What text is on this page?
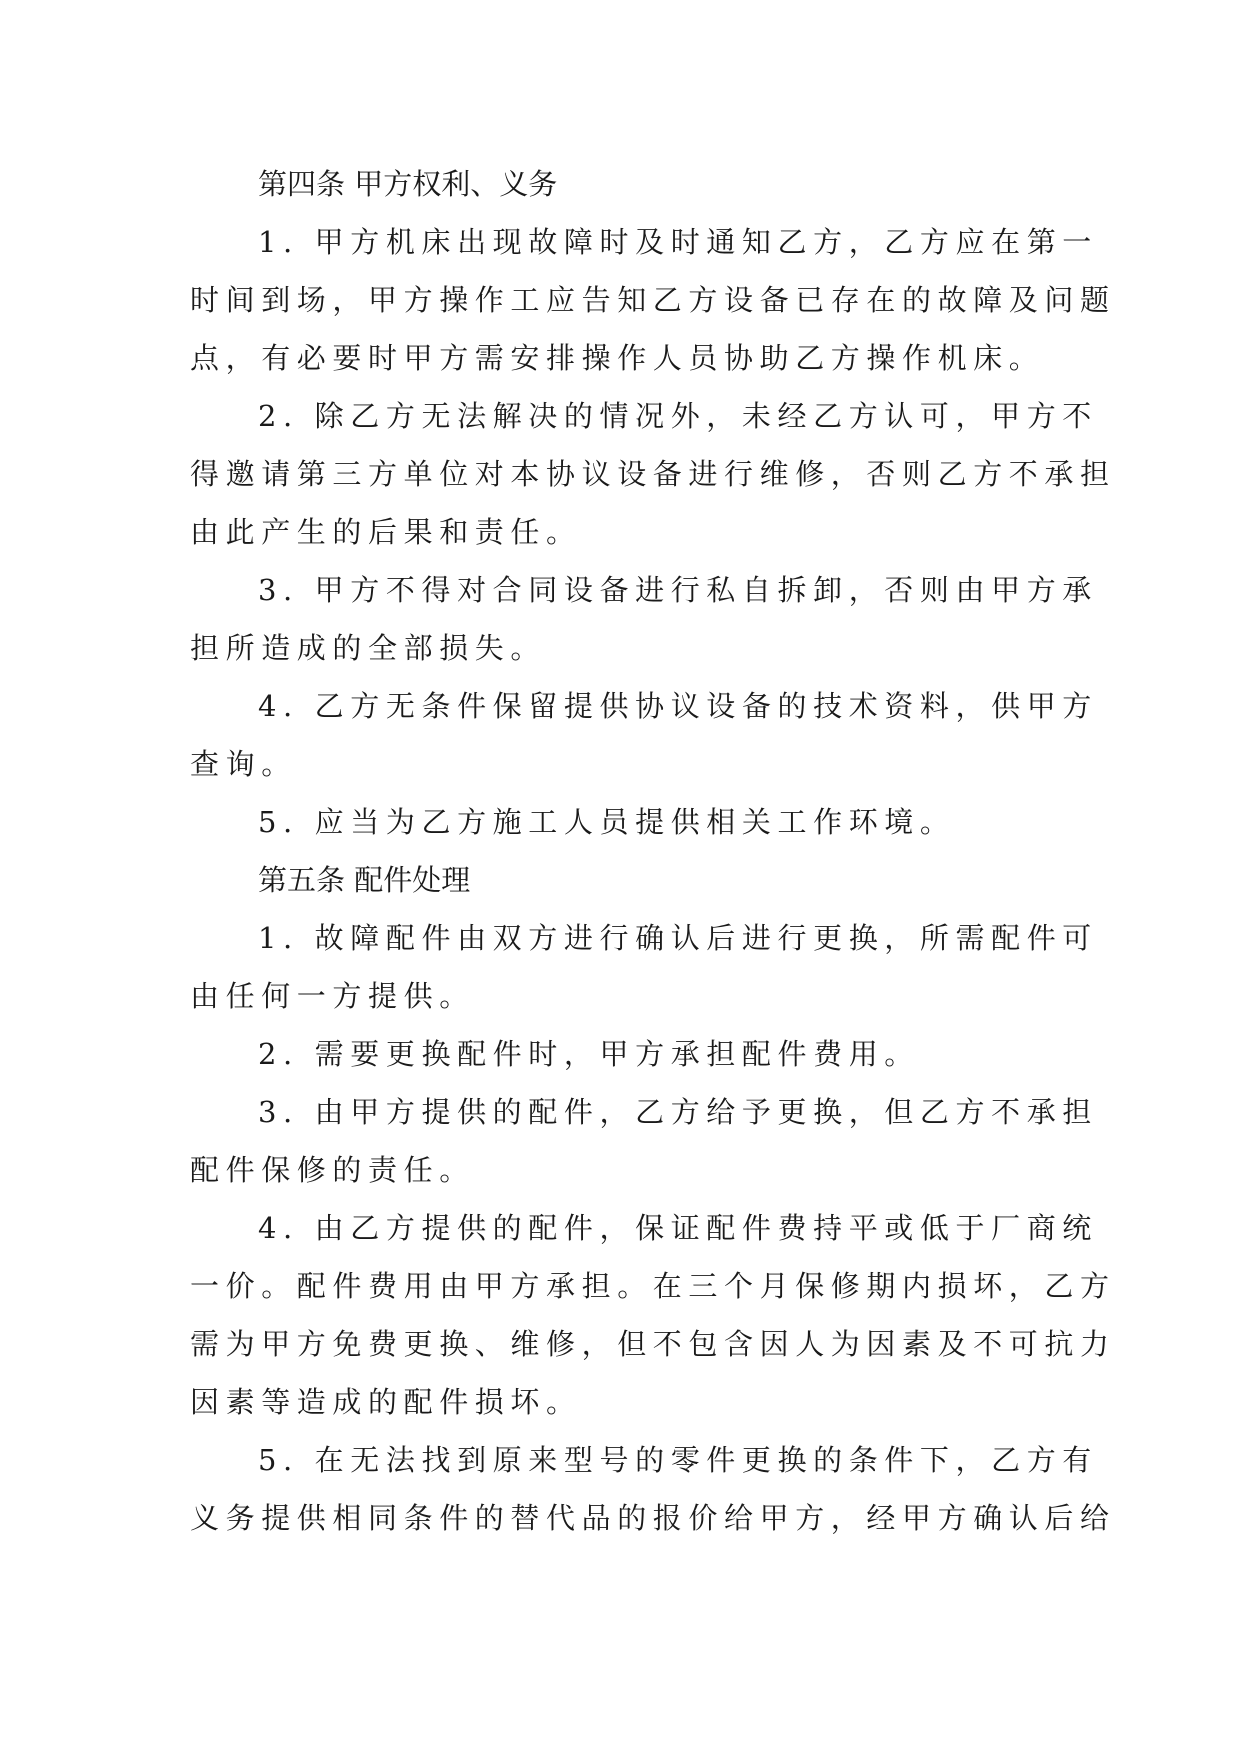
第四条 甲方权利、义务
1. 甲方机床出现故障时及时通知乙方，乙方应在第一
时间到场，甲方操作工应告知乙方设备已存在的故障及问题
点，有必要时甲方需安排操作人员协助乙方操作机床。
2. 除乙方无法解决的情况外，未经乙方认可，甲方不
得邀请第三方单位对本协议设备进行维修，否则乙方不承担
由此产生的后果和责任。
3. 甲方不得对合同设备进行私自拆卸，否则由甲方承
担所造成的全部损失。
4. 乙方无条件保留提供协议设备的技术资料，供甲方
查询。
5. 应当为乙方施工人员提供相关工作环境。
第五条 配件处理
1. 故障配件由双方进行确认后进行更换，所需配件可
由任何一方提供。
2. 需要更换配件时，甲方承担配件费用。
3. 由甲方提供的配件，乙方给予更换，但乙方不承担
配件保修的责任。
4. 由乙方提供的配件，保证配件费持平或低于厂商统
一价。配件费用由甲方承担。在三个月保修期内损坏，乙方
需为甲方免费更换、维修，但不包含因人为因素及不可抗力
因素等造成的配件损坏。
5. 在无法找到原来型号的零件更换的条件下，乙方有
义务提供相同条件的替代品的报价给甲方，经甲方确认后给
